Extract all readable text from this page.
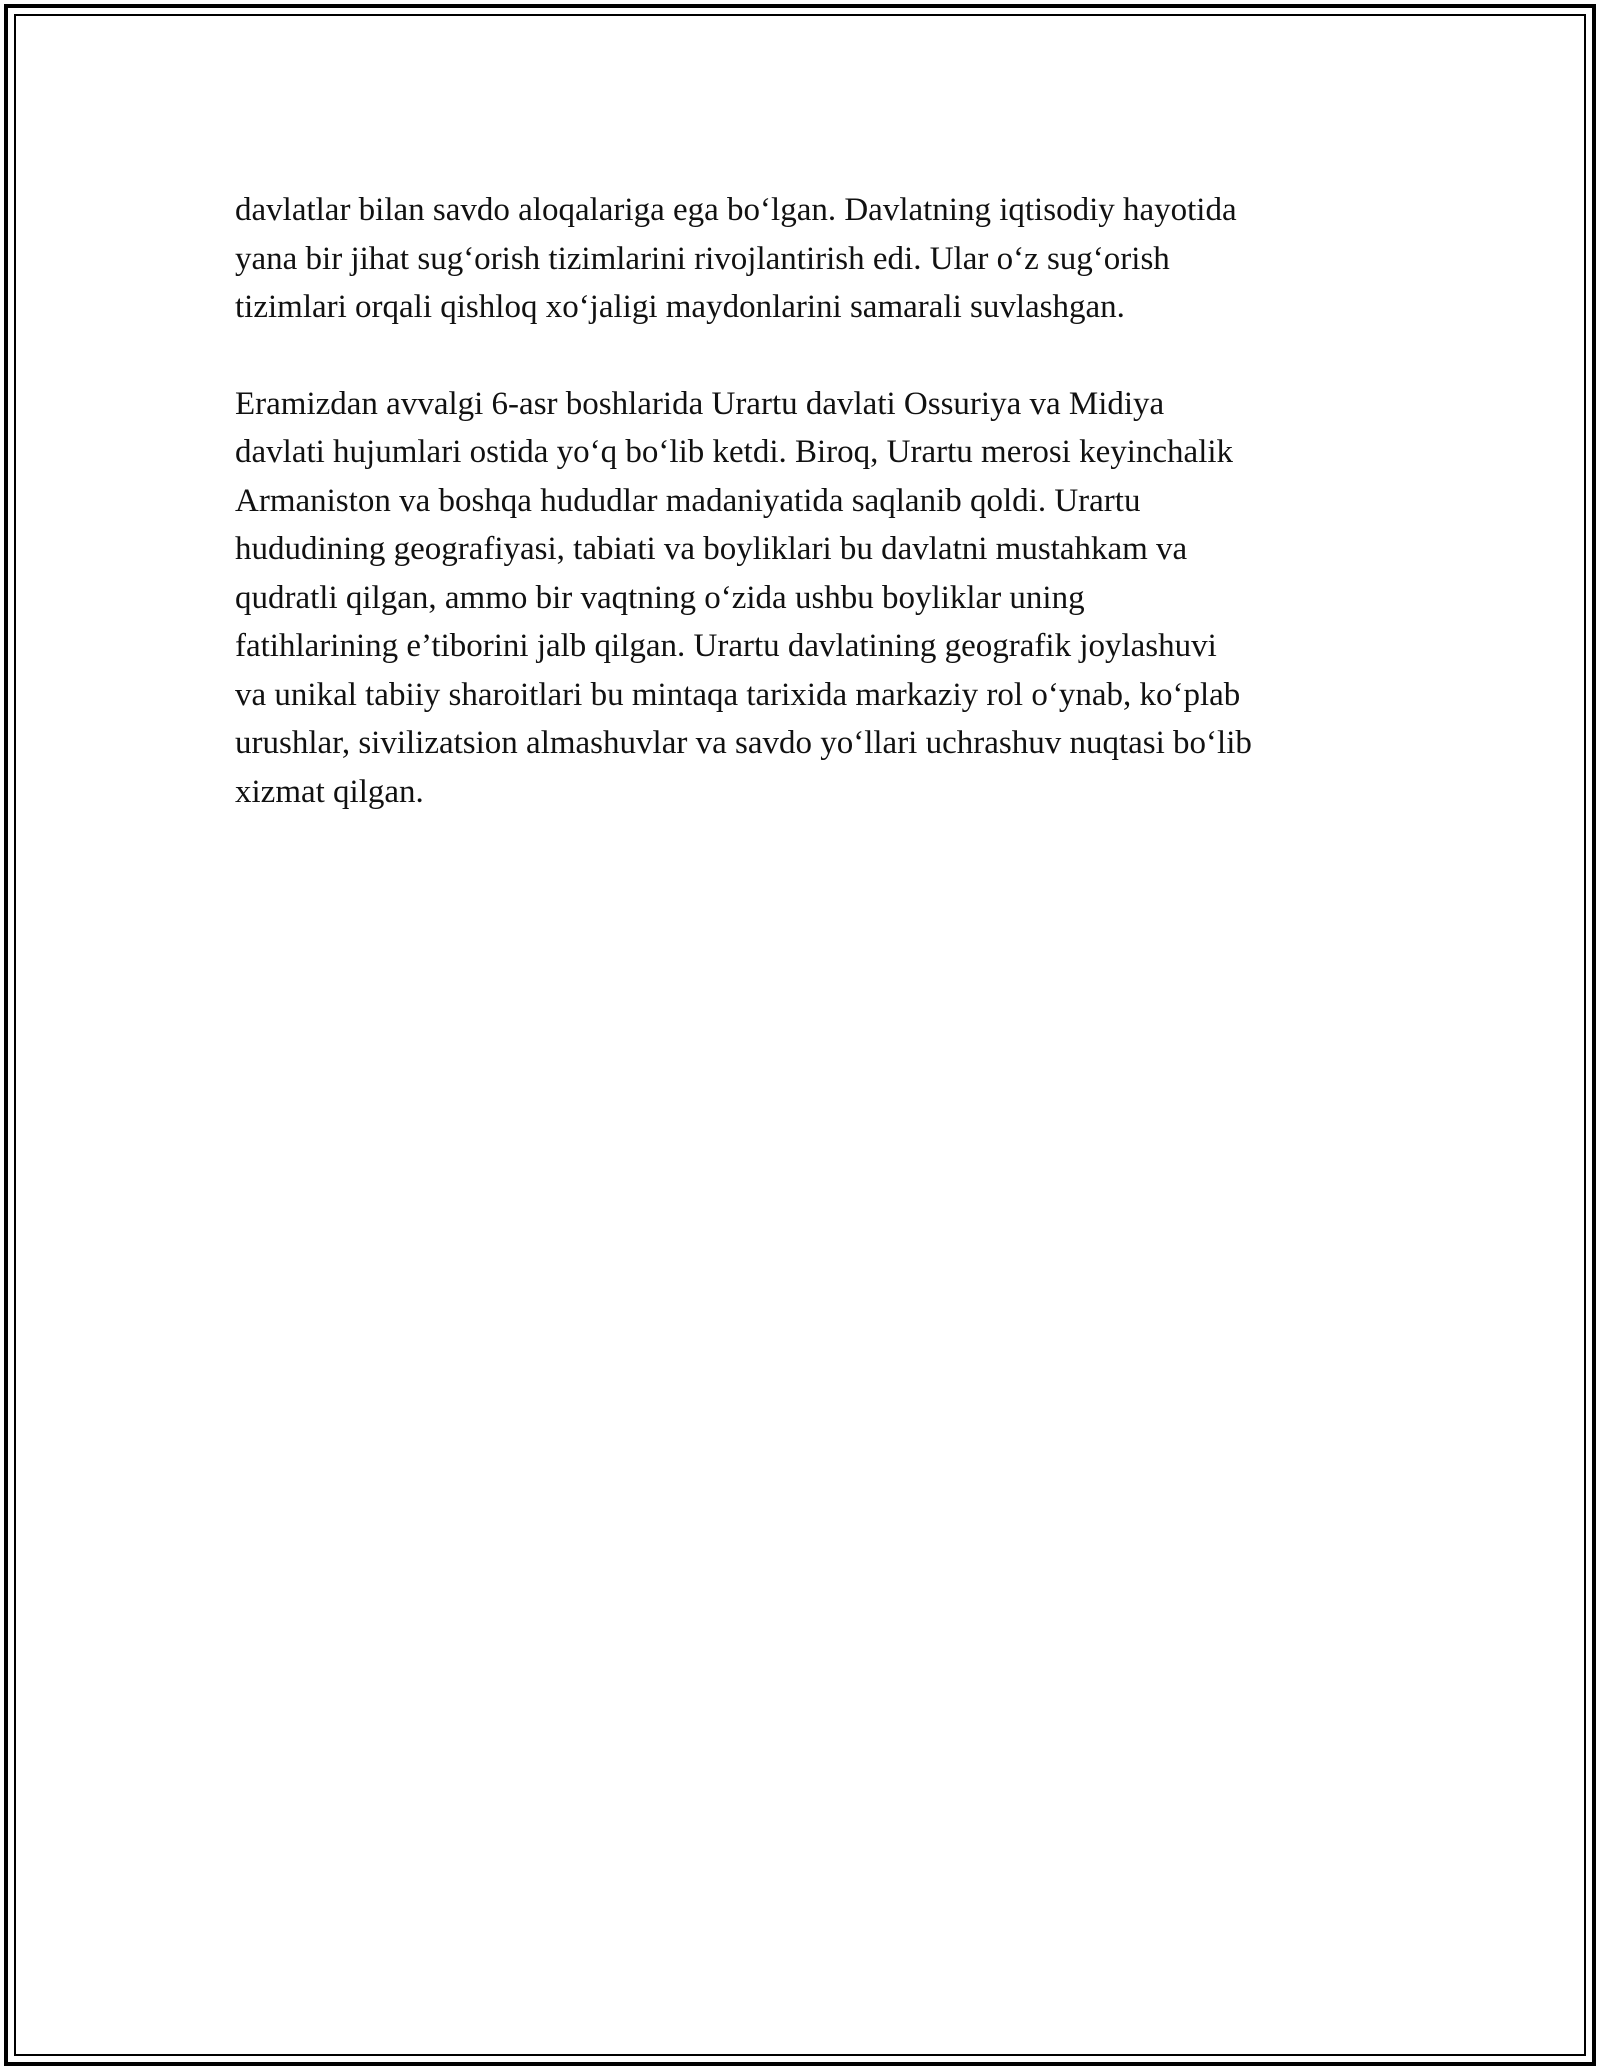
davlatlar bilan savdo aloqalariga ega bo‘lgan. Davlatning iqtisodiy hayotida
yana bir jihat sug‘orish tizimlarini rivojlantirish edi. Ular o‘z sug‘orish
tizimlari orqali qishloq xo‘jaligi maydonlarini samarali suvlashgan.

Eramizdan avvalgi 6-asr boshlarida Urartu davlati Ossuriya va Midiya
davlati hujumlari ostida yo‘q bo‘lib ketdi. Biroq, Urartu merosi keyinchalik
Armaniston va boshqa hududlar madaniyatida saqlanib qoldi. Urartu
hududining geografiyasi, tabiati va boyliklari bu davlatni mustahkam va
qudratli qilgan, ammo bir vaqtning o‘zida ushbu boyliklar uning
fatihlarining e’tiborini jalb qilgan. Urartu davlatining geografik joylashuvi
va unikal tabiiy sharoitlari bu mintaqa tarixida markaziy rol o‘ynab, ko‘plab
urushlar, sivilizatsion almashuvlar va savdo yo‘llari uchrashuv nuqtasi bo‘lib
xizmat qilgan.
